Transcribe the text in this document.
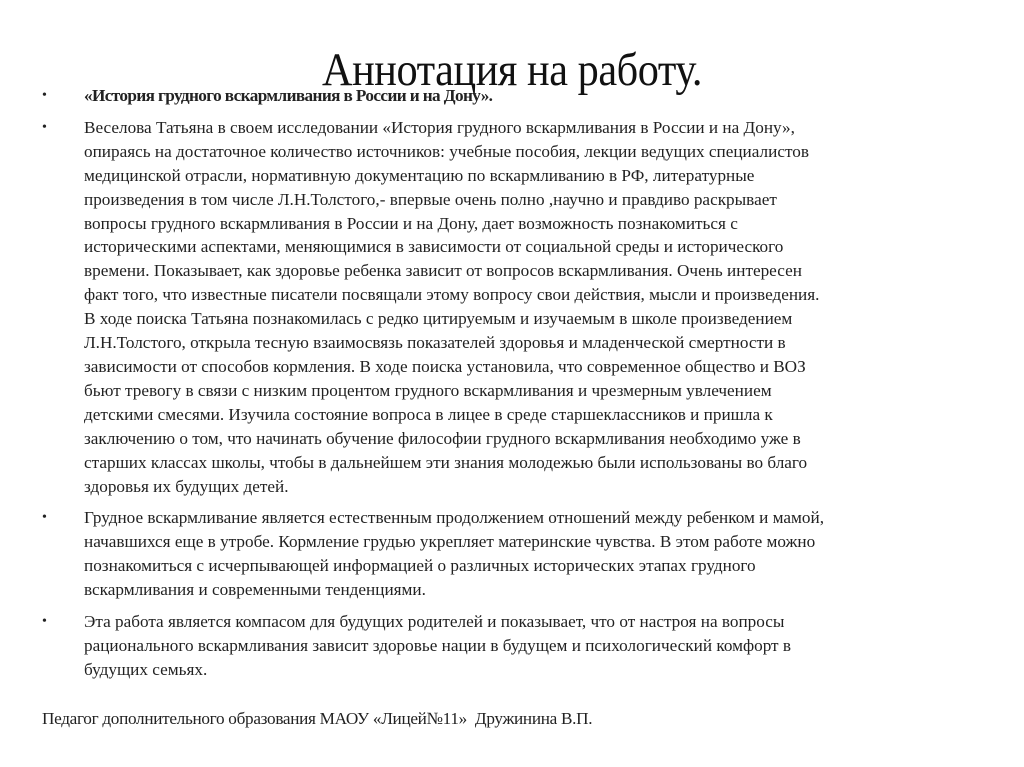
Аннотация на работу.
• «История грудного вскармливания в России и на Дону».
• Веселова Татьяна в своем исследовании «История грудного вскармливания в России и на Дону»,
опираясь на достаточное количество источников: учебные пособия, лекции ведущих специалистов
медицинской отрасли, нормативную документацию по вскармливанию в РФ, литературные
произведения в том числе Л.Н.Толстого,- впервые очень полно ,научно и правдиво раскрывает
вопросы грудного вскармливания в России и на Дону, дает возможность познакомиться с
историческими аспектами, меняющимися в зависимости от социальной среды и исторического
времени. Показывает, как здоровье ребенка зависит от вопросов вскармливания. Очень интересен
факт того, что известные писатели посвящали этому вопросу свои действия, мысли и произведения.
В ходе поиска Татьяна познакомилась с редко цитируемым и изучаемым в школе произведением
Л.Н.Толстого, открыла тесную взаимосвязь показателей здоровья и младенческой смертности в
зависимости от способов кормления. В ходе поиска установила, что современное общество и ВОЗ
бьют тревогу в связи с низким процентом грудного вскармливания и чрезмерным увлечением
детскими смесями. Изучила состояние вопроса в лицее в среде старшеклассников и пришла к
заключению о том, что начинать обучение философии грудного вскармливания необходимо уже в
старших классах школы, чтобы в дальнейшем эти знания молодежью были использованы во благо
здоровья их будущих детей.
• Грудное вскармливание является естественным продолжением отношений между ребенком и мамой,
начавшихся еще в утробе. Кормление грудью укрепляет материнские чувства. В этом работе можно
познакомиться с исчерпывающей информацией о различных исторических этапах грудного
вскармливания и современными тенденциями.
• Эта работа является компасом для будущих родителей и показывает, что от настроя на вопросы
рационального вскармливания зависит здоровье нации в будущем и психологический комфорт в
будущих семьях.
Педагог дополнительного образования МАОУ «Лицей№11»  Дружинина В.П.
